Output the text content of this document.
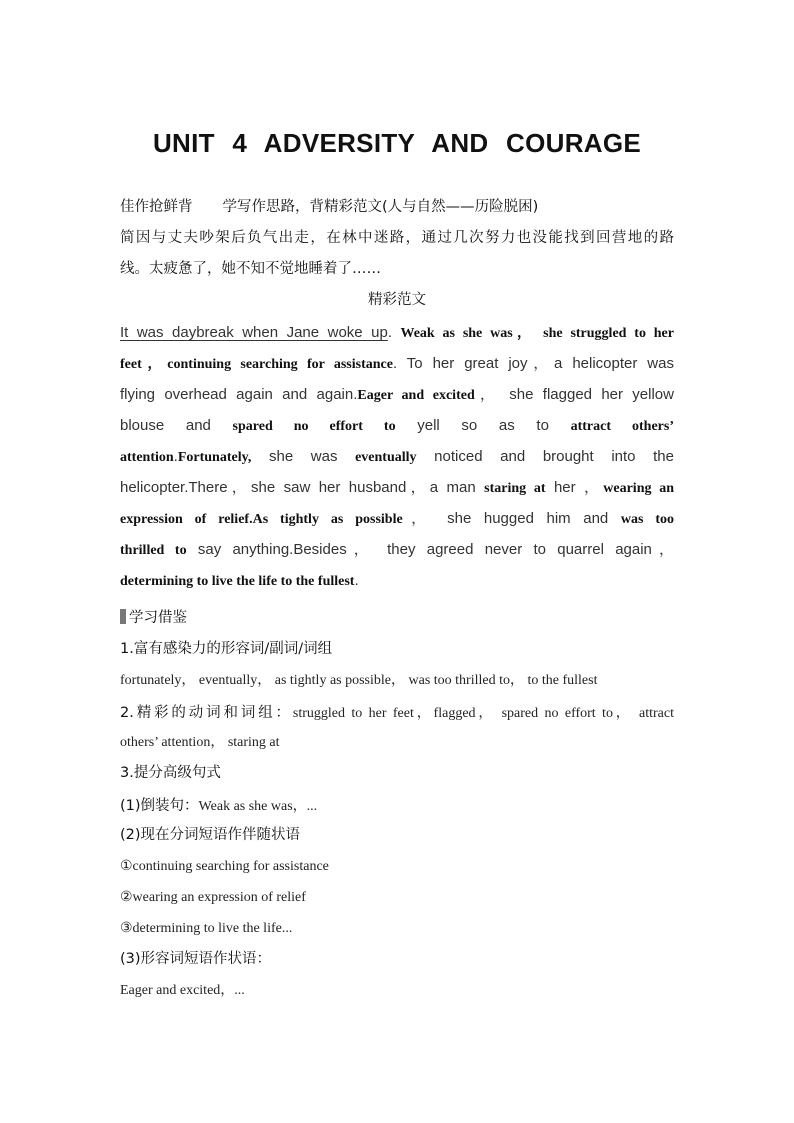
UNIT 4 ADVERSITY AND COURAGE
佳作抢鲜背 学写作思路，背精彩范文(人与自然——历险脱困)
简因与丈夫吵架后负气出走，在林中迷路，通过几次努力也没能找到回营地的路
线。太疲惫了，她不知不觉地睡着了……
精彩范文
It was daybreak when Jane woke up. Weak as she was， she struggled to her
feet，continuing searching for assistance. To her great joy，a helicopter was
flying overhead again and again.Eager and excited， she flagged her yellow
blouse and spared no effort to yell so as to attract others’
attention.Fortunately, she was eventually noticed and brought into the
helicopter.There，she saw her husband，a man staring at her ，wearing an
expression of relief.As tightly as possible， she hugged him and was too
thrilled to say anything.Besides， they agreed never to quarrel again，
determining to live the life to the fullest.
学习借鉴
1.富有感染力的形容词/副词/词组
fortunately， eventually， as tightly as possible， was too thrilled to， to the fullest
2.精彩的动词和词组：struggled to her feet，flagged， spared no effort to， attract
others’ attention， staring at
3.提分高级句式
(1)倒装句：Weak as she was，...
(2)现在分词短语作伴随状语
①continuing searching for assistance
②wearing an expression of relief
③determining to live the life...
(3)形容词短语作状语：
Eager and excited，...
